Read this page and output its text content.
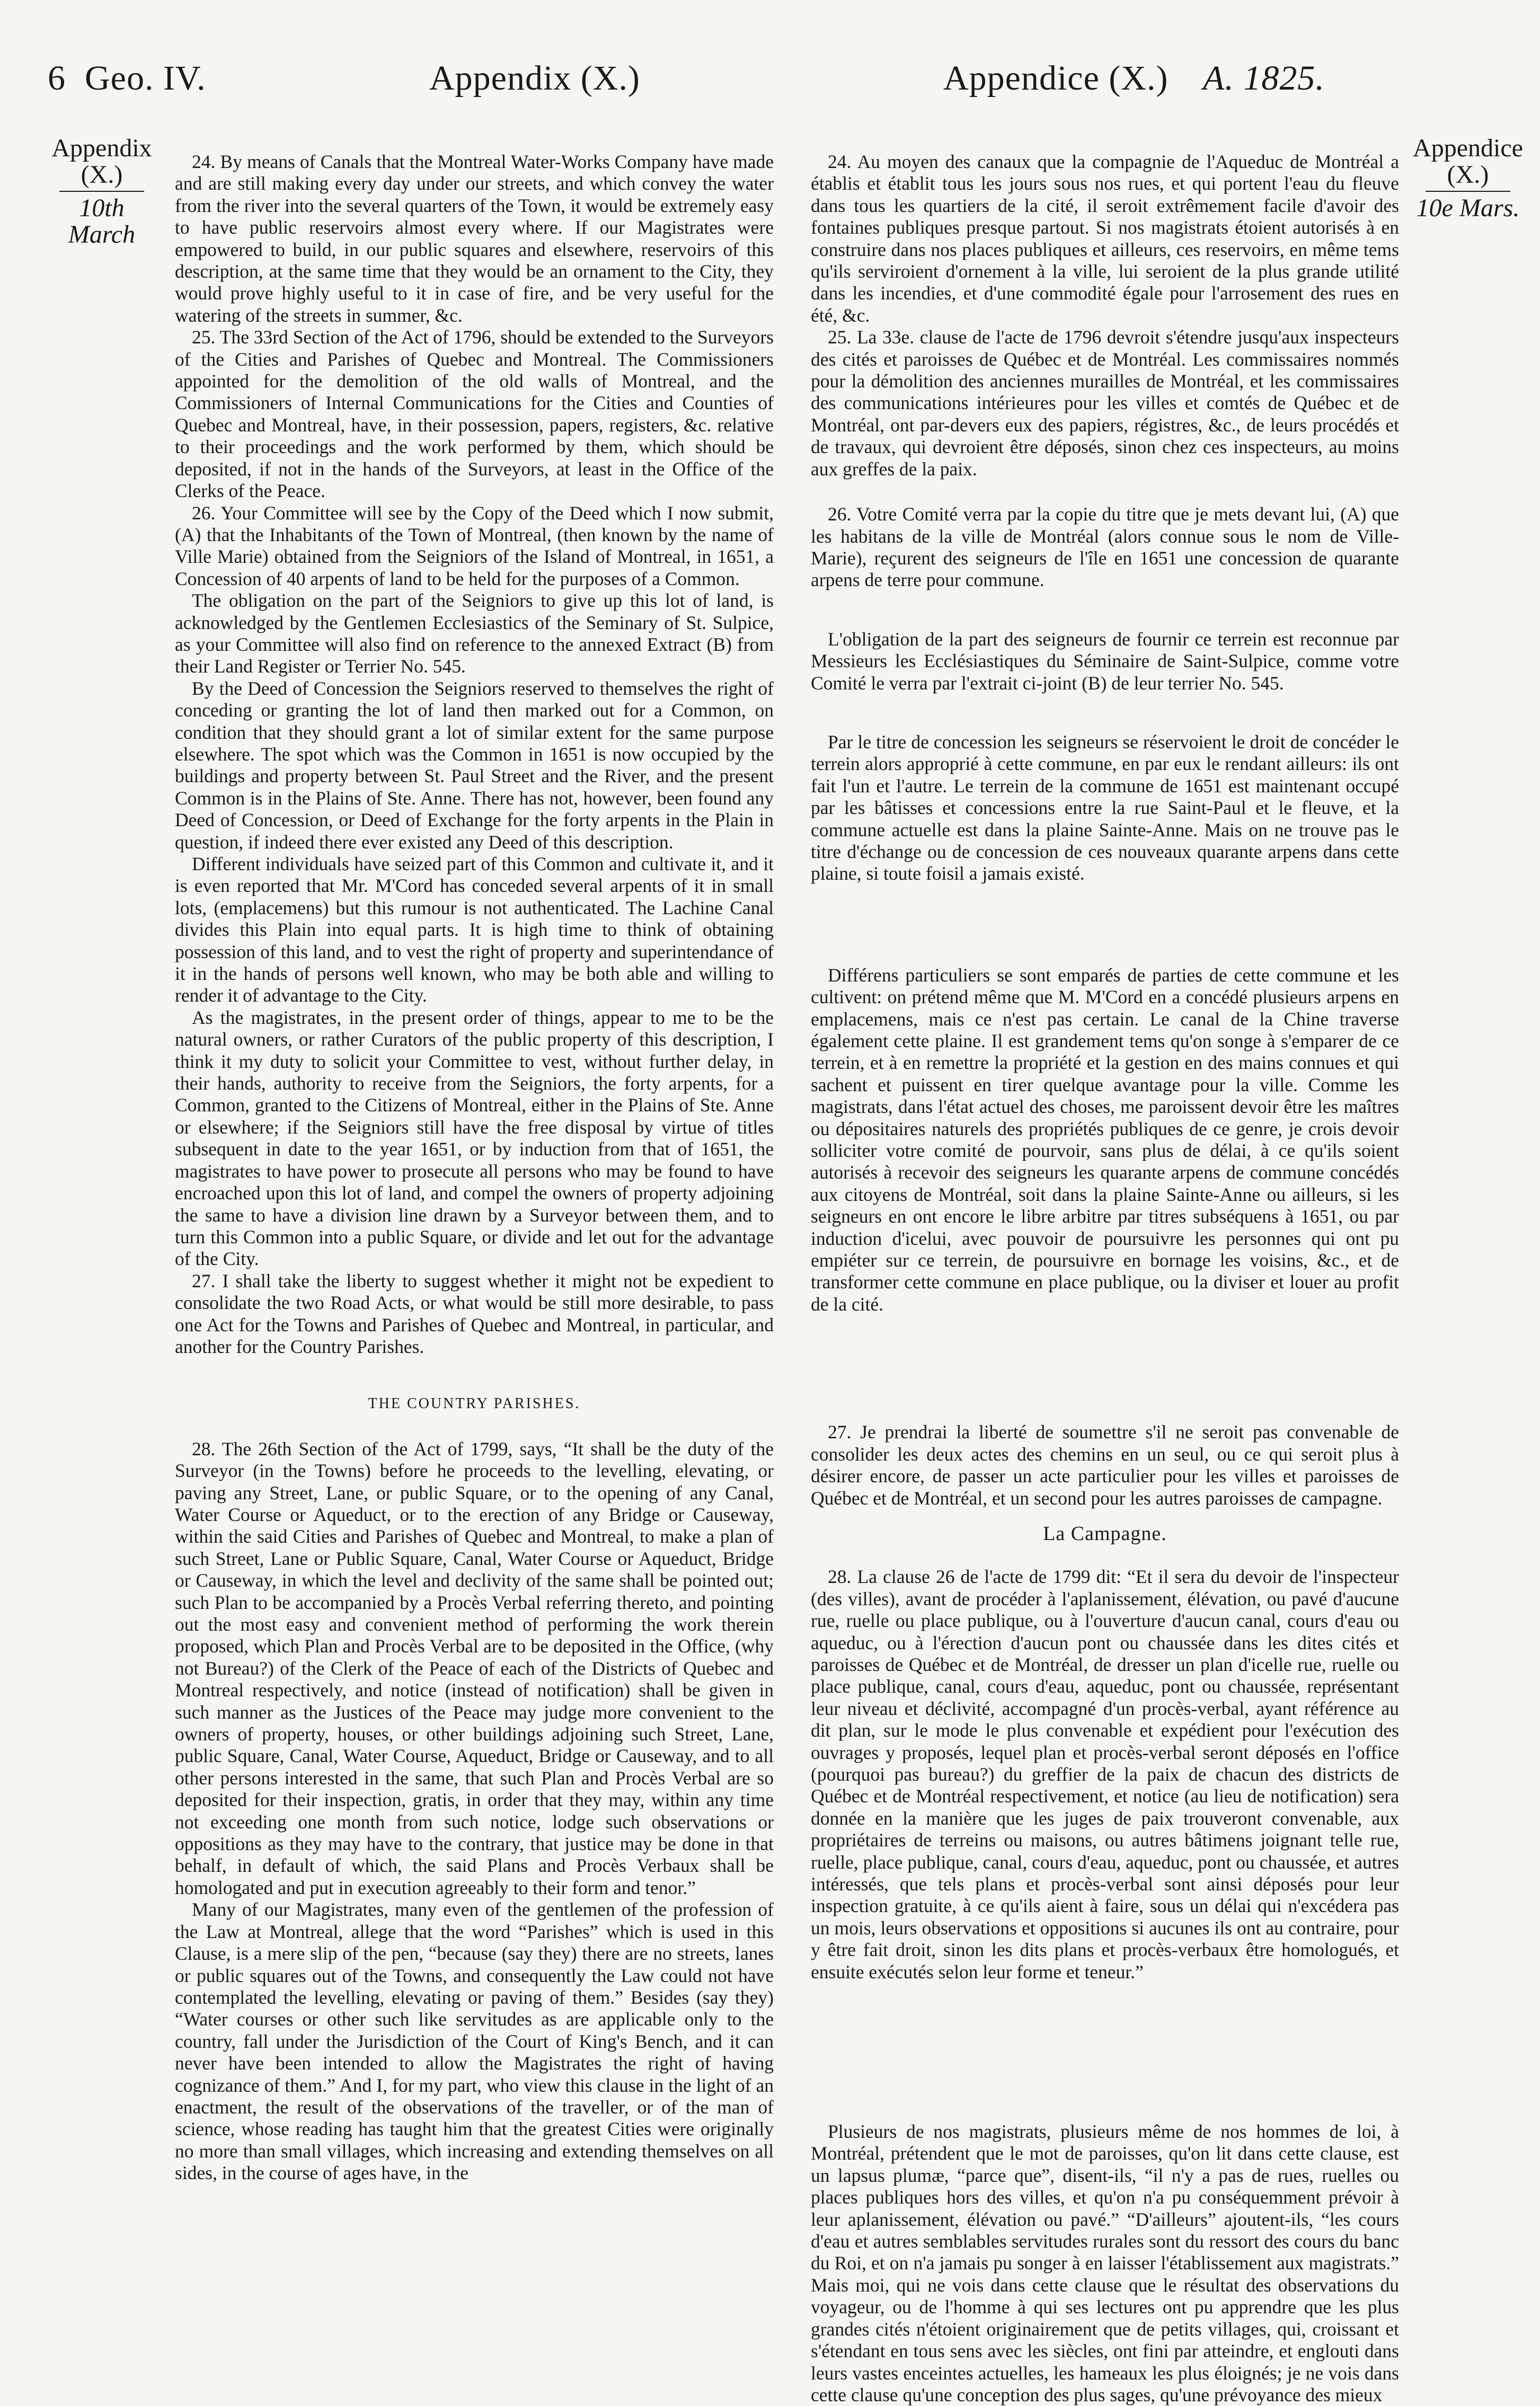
6 Geo. IV.	Appendix (X.)	Appendice (X.) A. 1825.
Appendix
(X.)
10th March
Appendice
(X.)
10e Mars.

24. By means of Canals that the Montreal Water-Works Company have made and are still making every day under our streets, and which convey the water from the river into the several quarters of the Town, it would be extremely easy to have public reservoirs almost every where. If our Magistrates were empowered to build, in our public squares and elsewhere, reservoirs of this description, at the same time that they would be an ornament to the City, they would prove highly useful to it in case of fire, and be very useful for the watering of the streets in summer, &c.

25. The 33rd Section of the Act of 1796, should be extended to the Surveyors of the Cities and Parishes of Quebec and Montreal. The Commissioners appointed for the demolition of the old walls of Montreal, and the Commissioners of Internal Communications for the Cities and Counties of Quebec and Montreal, have, in their possession, papers, registers, &c. relative to their proceedings and the work performed by them, which should be deposited, if not in the hands of the Surveyors, at least in the Office of the Clerks of the Peace.

26. Your Committee will see by the Copy of the Deed which I now submit, (A) that the Inhabitants of the Town of Montreal, (then known by the name of Ville Marie) obtained from the Seigniors of the Island of Montreal, in 1651, a Concession of 40 arpents of land to be held for the purposes of a Common.

The obligation on the part of the Seigniors to give up this lot of land, is acknowledged by the Gentlemen Ecclesiastics of the Seminary of St. Sulpice, as your Committee will also find on reference to the annexed Extract (B) from their Land Register or Terrier No. 545.

By the Deed of Concession the Seigniors reserved to themselves the right of conceding or granting the lot of land then marked out for a Common, on condition that they should grant a lot of similar extent for the same purpose elsewhere. The spot which was the Common in 1651 is now occupied by the buildings and property between St. Paul Street and the River, and the present Common is in the Plains of Ste. Anne. There has not, however, been found any Deed of Concession, or Deed of Exchange for the forty arpents in the Plain in question, if indeed there ever existed any Deed of this description.

Different individuals have seized part of this Common and cultivate it, and it is even reported that Mr. M'Cord has conceded several arpents of it in small lots, (emplacemens) but this rumour is not authenticated. The Lachine Canal divides this Plain into equal parts. It is high time to think of obtaining possession of this land, and to vest the right of property and superintendance of it in the hands of persons well known, who may be both able and willing to render it of advantage to the City.

As the magistrates, in the present order of things, appear to me to be the natural owners, or rather Curators of the public property of this description, I think it my duty to solicit your Committee to vest, without further delay, in their hands, authority to receive from the Seigniors, the forty arpents, for a Common, granted to the Citizens of Montreal, either in the Plains of Ste. Anne or elsewhere; if the Seigniors still have the free disposal by virtue of titles subsequent in date to the year 1651, or by induction from that of 1651, the magistrates to have power to prosecute all persons who may be found to have encroached upon this lot of land, and compel the owners of property adjoining the same to have a division line drawn by a Surveyor between them, and to turn this Common into a public Square, or divide and let out for the advantage of the City.

27. I shall take the liberty to suggest whether it might not be expedient to consolidate the two Road Acts, or what would be still more desirable, to pass one Act for the Towns and Parishes of Quebec and Montreal, in particular, and another for the Country Parishes.

THE COUNTRY PARISHES.

28. The 26th Section of the Act of 1799, says, “It shall be the duty of the Surveyor (in the Towns) before he proceeds to the levelling, elevating, or paving any Street, Lane, or public Square, or to the opening of any Canal, Water Course or Aqueduct, or to the erection of any Bridge or Causeway, within the said Cities and Parishes of Quebec and Montreal, to make a plan of such Street, Lane or Public Square, Canal, Water Course or Aqueduct, Bridge or Causeway, in which the level and declivity of the same shall be pointed out; such Plan to be accompanied by a Procès Verbal referring thereto, and pointing out the most easy and convenient method of performing the work therein proposed, which Plan and Procès Verbal are to be deposited in the Office, (why not Bureau?) of the Clerk of the Peace of each of the Districts of Quebec and Montreal respectively, and notice (instead of notification) shall be given in such manner as the Justices of the Peace may judge more convenient to the owners of property, houses, or other buildings adjoining such Street, Lane, public Square, Canal, Water Course, Aqueduct, Bridge or Causeway, and to all other persons interested in the same, that such Plan and Procès Verbal are so deposited for their inspection, gratis, in order that they may, within any time not exceeding one month from such notice, lodge such observations or oppositions as they may have to the contrary, that justice may be done in that behalf, in default of which, the said Plans and Procès Verbaux shall be homologated and put in execution agreeably to their form and tenor.”

Many of our Magistrates, many even of the gentlemen of the profession of the Law at Montreal, allege that the word “Parishes” which is used in this Clause, is a mere slip of the pen, “because (say they) there are no streets, lanes or public squares out of the Towns, and consequently the Law could not have contemplated the levelling, elevating or paving of them.” Besides (say they) “Water courses or other such like servitudes as are applicable only to the country, fall under the Jurisdiction of the Court of King's Bench, and it can never have been intended to allow the Magistrates the right of having cognizance of them.” And I, for my part, who view this clause in the light of an enactment, the result of the observations of the traveller, or of the man of science, whose reading has taught him that the greatest Cities were originally no more than small villages, which increasing and extending themselves on all sides, in the course of ages have, in the

24. Au moyen des canaux que la compagnie de l'Aqueduc de Montréal a établis et établit tous les jours sous nos rues, et qui portent l'eau du fleuve dans tous les quartiers de la cité, il seroit extrêmement facile d'avoir des fontaines publiques presque partout. Si nos magistrats étoient autorisés à en construire dans nos places publiques et ailleurs, ces reservoirs, en même tems qu'ils serviroient d'ornement à la ville, lui seroient de la plus grande utilité dans les incendies, et d'une commodité égale pour l'arrosement des rues en été, &c.

25. La 33e. clause de l'acte de 1796 devroit s'étendre jusqu'aux inspecteurs des cités et paroisses de Québec et de Montréal. Les commissaires nommés pour la démolition des anciennes murailles de Montréal, et les commissaires des communications intérieures pour les villes et comtés de Québec et de Montréal, ont par-devers eux des papiers, régistres, &c., de leurs procédés et de travaux, qui devroient être déposés, sinon chez ces inspecteurs, au moins aux greffes de la paix.

26. Votre Comité verra par la copie du titre que je mets devant lui, (A) que les habitans de la ville de Montréal (alors connue sous le nom de Ville-Marie), reçurent des seigneurs de l'île en 1651 une concession de quarante arpens de terre pour commune.

L'obligation de la part des seigneurs de fournir ce terrein est reconnue par Messieurs les Ecclésiastiques du Séminaire de Saint-Sulpice, comme votre Comité le verra par l'extrait ci-joint (B) de leur terrier No. 545.

Par le titre de concession les seigneurs se réservoient le droit de concéder le terrein alors approprié à cette commune, en par eux le rendant ailleurs: ils ont fait l'un et l'autre. Le terrein de la commune de 1651 est maintenant occupé par les bâtisses et concessions entre la rue Saint-Paul et le fleuve, et la commune actuelle est dans la plaine Sainte-Anne. Mais on ne trouve pas le titre d'échange ou de concession de ces nouveaux quarante arpens dans cette plaine, si toute foisil a jamais existé.

Différens particuliers se sont emparés de parties de cette commune et les cultivent: on prétend même que M. M'Cord en a concédé plusieurs arpens en emplacemens, mais ce n'est pas certain. Le canal de la Chine traverse également cette plaine. Il est grandement tems qu'on songe à s'emparer de ce terrein, et à en remettre la propriété et la gestion en des mains connues et qui sachent et puissent en tirer quelque avantage pour la ville. Comme les magistrats, dans l'état actuel des choses, me paroissent devoir être les maîtres ou dépositaires naturels des propriétés publiques de ce genre, je crois devoir solliciter votre comité de pourvoir, sans plus de délai, à ce qu'ils soient autorisés à recevoir des seigneurs les quarante arpens de commune concédés aux citoyens de Montréal, soit dans la plaine Sainte-Anne ou ailleurs, si les seigneurs en ont encore le libre arbitre par titres subséquens à 1651, ou par induction d'icelui, avec pouvoir de poursuivre les personnes qui ont pu empiéter sur ce terrein, de poursuivre en bornage les voisins, &c., et de transformer cette commune en place publique, ou la diviser et louer au profit de la cité.

27. Je prendrai la liberté de soumettre s'il ne seroit pas convenable de consolider les deux actes des chemins en un seul, ou ce qui seroit plus à désirer encore, de passer un acte particulier pour les villes et paroisses de Québec et de Montréal, et un second pour les autres paroisses de campagne.

La Campagne.

28. La clause 26 de l'acte de 1799 dit: “Et il sera du devoir de l'inspecteur (des villes), avant de procéder à l'aplanissement, élévation, ou pavé d'aucune rue, ruelle ou place publique, ou à l'ouverture d'aucun canal, cours d'eau ou aqueduc, ou à l'érection d'aucun pont ou chaussée dans les dites cités et paroisses de Québec et de Montréal, de dresser un plan d'icelle rue, ruelle ou place publique, canal, cours d'eau, aqueduc, pont ou chaussée, représentant leur niveau et déclivité, accompagné d'un procès-verbal, ayant référence au dit plan, sur le mode le plus convenable et expédient pour l'exécution des ouvrages y proposés, lequel plan et procès-verbal seront déposés en l'office (pourquoi pas bureau?) du greffier de la paix de chacun des districts de Québec et de Montréal respectivement, et notice (au lieu de notification) sera donnée en la manière que les juges de paix trouveront convenable, aux propriétaires de terreins ou maisons, ou autres bâtimens joignant telle rue, ruelle, place publique, canal, cours d'eau, aqueduc, pont ou chaussée, et autres intéressés, que tels plans et procès-verbal sont ainsi déposés pour leur inspection gratuite, à ce qu'ils aient à faire, sous un délai qui n'excédera pas un mois, leurs observations et oppositions si aucunes ils ont au contraire, pour y être fait droit, sinon les dits plans et procès-verbaux être homologués, et ensuite exécutés selon leur forme et teneur.”

Plusieurs de nos magistrats, plusieurs même de nos hommes de loi, à Montréal, prétendent que le mot de paroisses, qu'on lit dans cette clause, est un lapsus plumæ, “parce que”, disent-ils, “il n'y a pas de rues, ruelles ou places publiques hors des villes, et qu'on n'a pu conséquemment prévoir à leur aplanissement, élévation ou pavé.” “D'ailleurs” ajoutent-ils, “les cours d'eau et autres semblables servitudes rurales sont du ressort des cours du banc du Roi, et on n'a jamais pu songer à en laisser l'établissement aux magistrats.” Mais moi, qui ne vois dans cette clause que le résultat des observations du voyageur, ou de l'homme à qui ses lectures ont pu apprendre que les plus grandes cités n'étoient originairement que de petits villages, qui, croissant et s'étendant en tous sens avec les siècles, ont fini par atteindre, et englouti dans leurs vastes enceintes actuelles, les hameaux les plus éloignés; je ne vois dans cette clause qu'une conception des plus sages, qu'une prévoyance des mieux
